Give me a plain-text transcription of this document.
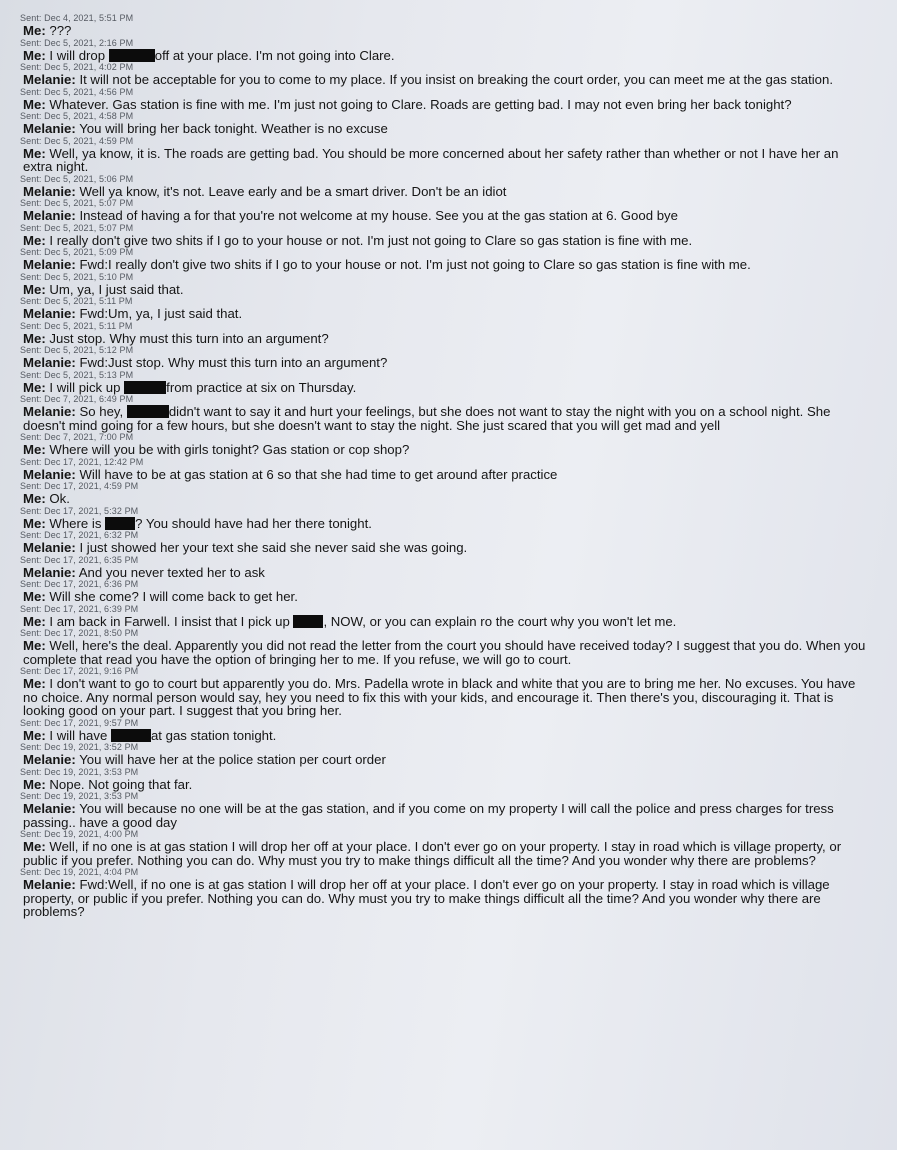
Sent: Dec 4, 2021, 5:51 PM
Me: ???
Sent: Dec 5, 2021, 2:16 PM
Me: I will drop	off at your place. I'm not going into Clare.
Sent: Dec 5, 2021, 4:02 PM
Melanie: It will not be acceptable for you to come to my place. If you insist on breaking the court order, you can meet me at the gas station.
Sent: Dec 5, 2021, 4:56 PM
Me: Whatever. Gas station is fine with me. I'm just not going to Clare. Roads are getting bad. I may not even bring her back tonight?
Sent: Dec 5, 2021, 4:58 PM
Melanie: You will bring her back tonight. Weather is no excuse
Sent: Dec 5, 2021, 4:59 PM
Me: Well, ya know, it is. The roads are getting bad. You should be more concerned about her safety rather than whether or not I have her an extra night.
Sent: Dec 5, 2021, 5:06 PM
Melanie: Well ya know, it's not. Leave early and be a smart driver. Don't be an idiot
Sent: Dec 5, 2021, 5:07 PM
Melanie: Instead of having a for that you're not welcome at my house. See you at the gas station at 6. Good bye
Sent: Dec 5, 2021, 5:07 PM
Me: I really don't give two shits if I go to your house or not. I'm just not going to Clare so gas station is fine with me.
Sent: Dec 5, 2021, 5:09 PM
Melanie: Fwd:I really don't give two shits if I go to your house or not. I'm just not going to Clare so gas station is fine with me.
Sent: Dec 5, 2021, 5:10 PM
Me: Um, ya, I just said that.
Sent: Dec 5, 2021, 5:11 PM
Melanie: Fwd:Um, ya, I just said that.
Sent: Dec 5, 2021, 5:11 PM
Me: Just stop. Why must this turn into an argument?
Sent: Dec 5, 2021, 5:12 PM
Melanie: Fwd:Just stop. Why must this turn into an argument?
Sent: Dec 5, 2021, 5:13 PM
Me: I will pick up	from practice at six on Thursday.
Sent: Dec 7, 2021, 6:49 PM
Melanie: So hey,	didn't want to say it and hurt your feelings, but she does not want to stay the night with you on a school night. She doesn't mind going for a few hours, but she doesn't want to stay the night. She just scared that you will get mad and yell
Sent: Dec 7, 2021, 7:00 PM
Me: Where will you be with girls tonight? Gas station or cop shop?
Sent: Dec 17, 2021, 12:42 PM
Melanie: Will have to be at gas station at 6 so that she had time to get around after practice
Sent: Dec 17, 2021, 4:59 PM
Me: Ok.
Sent: Dec 17, 2021, 5:32 PM
Me: Where is ? You should have had her there tonight.
Sent: Dec 17, 2021, 6:32 PM
Melanie: I just showed her your text she said she never said she was going.
Sent: Dec 17, 2021, 6:35 PM
Melanie: And you never texted her to ask
Sent: Dec 17, 2021, 6:36 PM
Me: Will she come? I will come back to get her.
Sent: Dec 17, 2021, 6:39 PM
Me: I am back in Farwell. I insist that I pick up , NOW, or you can explain ro the court why you won't let me.
Sent: Dec 17, 2021, 8:50 PM
Me: Well, here's the deal. Apparently you did not read the letter from the court you should have received today? I suggest that you do. When you complete that read you have the option of bringing her to me. If you refuse, we will go to court.
Sent: Dec 17, 2021, 9:16 PM
Me: I don't want to go to court but apparently you do. Mrs. Padella wrote in black and white that you are to bring me her. No excuses. You have no choice. Any normal person would say, hey you need to fix this with your kids, and encourage it. Then there's you, discouraging it. That is looking good on your part. I suggest that you bring her.
Sent: Dec 17, 2021, 9:57 PM
Me: I will have	at gas station tonight.
Sent: Dec 19, 2021, 3:52 PM
Melanie: You will have her at the police station per court order
Sent: Dec 19, 2021, 3:53 PM
Me: Nope. Not going that far.
Sent: Dec 19, 2021, 3:53 PM
Melanie: You will because no one will be at the gas station, and if you come on my property I will call the police and press charges for tress passing.. have a good day
Sent: Dec 19, 2021, 4:00 PM
Me: Well, if no one is at gas station I will drop her off at your place. I don't ever go on your property. I stay in road which is village property, or public if you prefer. Nothing you can do. Why must you try to make things difficult all the time? And you wonder why there are problems?
Sent: Dec 19, 2021, 4:04 PM
Melanie: Fwd:Well, if no one is at gas station I will drop her off at your place. I don't ever go on your property. I stay in road which is village property, or public if you prefer. Nothing you can do. Why must you try to make things difficult all the time? And you wonder why there are problems?
